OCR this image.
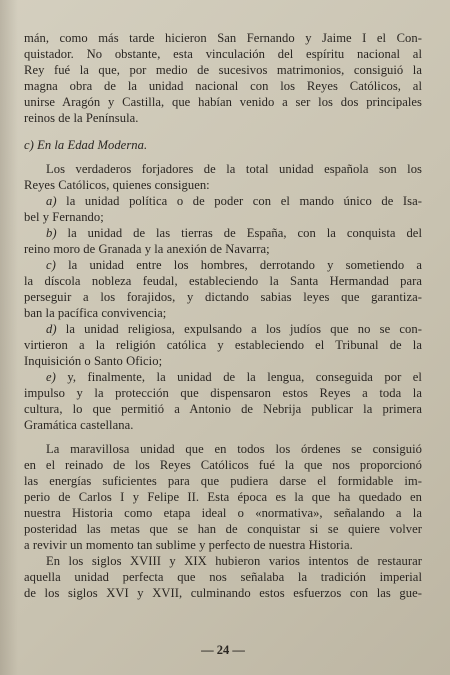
mán, como más tarde hicieron San Fernando y Jaime I el Con-
quistador. No obstante, esta vinculación del espíritu nacional al
Rey fué la que, por medio de sucesivos matrimonios, consiguió la
magna obra de la unidad nacional con los Reyes Católicos, al
unirse Aragón y Castilla, que habían venido a ser los dos principales
reinos de la Península.
c) En la Edad Moderna.
Los verdaderos forjadores de la total unidad española son los
Reyes Católicos, quienes consiguen:
a) la unidad política o de poder con el mando único de Isa-
bel y Fernando;
b) la unidad de las tierras de España, con la conquista del
reino moro de Granada y la anexión de Navarra;
c) la unidad entre los hombres, derrotando y sometiendo a
la díscola nobleza feudal, estableciendo la Santa Hermandad para
perseguir a los forajidos, y dictando sabias leyes que garantiza-
ban la pacífica convivencia;
d) la unidad religiosa, expulsando a los judíos que no se con-
virtieron a la religión católica y estableciendo el Tribunal de la
Inquisición o Santo Oficio;
e) y, finalmente, la unidad de la lengua, conseguida por el
impulso y la protección que dispensaron estos Reyes a toda la
cultura, lo que permitió a Antonio de Nebrija publicar la primera
Gramática castellana.
La maravillosa unidad que en todos los órdenes se consiguió
en el reinado de los Reyes Católicos fué la que nos proporcionó
las energías suficientes para que pudiera darse el formidable im-
perio de Carlos I y Felipe II. Esta época es la que ha quedado en
nuestra Historia como etapa ideal o «normativa», señalando a la
posteridad las metas que se han de conquistar si se quiere volver
a revivir un momento tan sublime y perfecto de nuestra Historia.
En los siglos XVIII y XIX hubieron varios intentos de restaurar
aquella unidad perfecta que nos señalaba la tradición imperial
de los siglos XVI y XVII, culminando estos esfuerzos con las gue-
— 24 —
